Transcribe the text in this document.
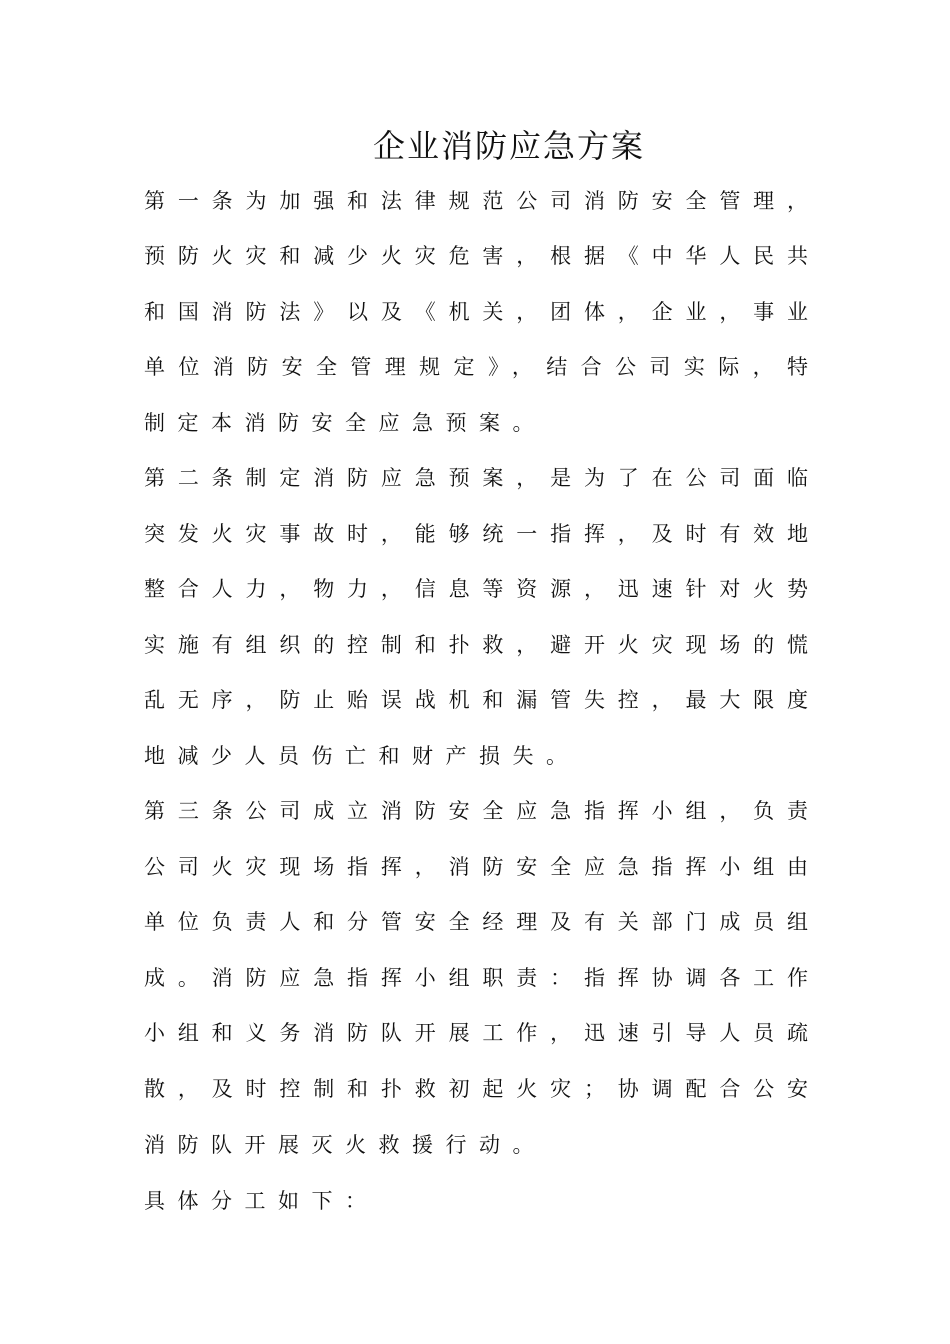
企业消防应急方案
第一条为加强和法律规范公司消防安全管理，
预防火灾和减少火灾危害，根据《中华人民共
和国消防法》以及《机关，团体，企业，事业
单位消防安全管理规定》，结合公司实际，特
制定本消防安全应急预案。
第二条制定消防应急预案，是为了在公司面临
突发火灾事故时，能够统一指挥，及时有效地
整合人力，物力，信息等资源，迅速针对火势
实施有组织的控制和扑救，避开火灾现场的慌
乱无序，防止贻误战机和漏管失控，最大限度
地减少人员伤亡和财产损失。
第三条公司成立消防安全应急指挥小组，负责
公司火灾现场指挥，消防安全应急指挥小组由
单位负责人和分管安全经理及有关部门成员组
成。消防应急指挥小组职责：指挥协调各工作
小组和义务消防队开展工作，迅速引导人员疏
散，及时控制和扑救初起火灾；协调配合公安
消防队开展灭火救援行动。
具体分工如下：
